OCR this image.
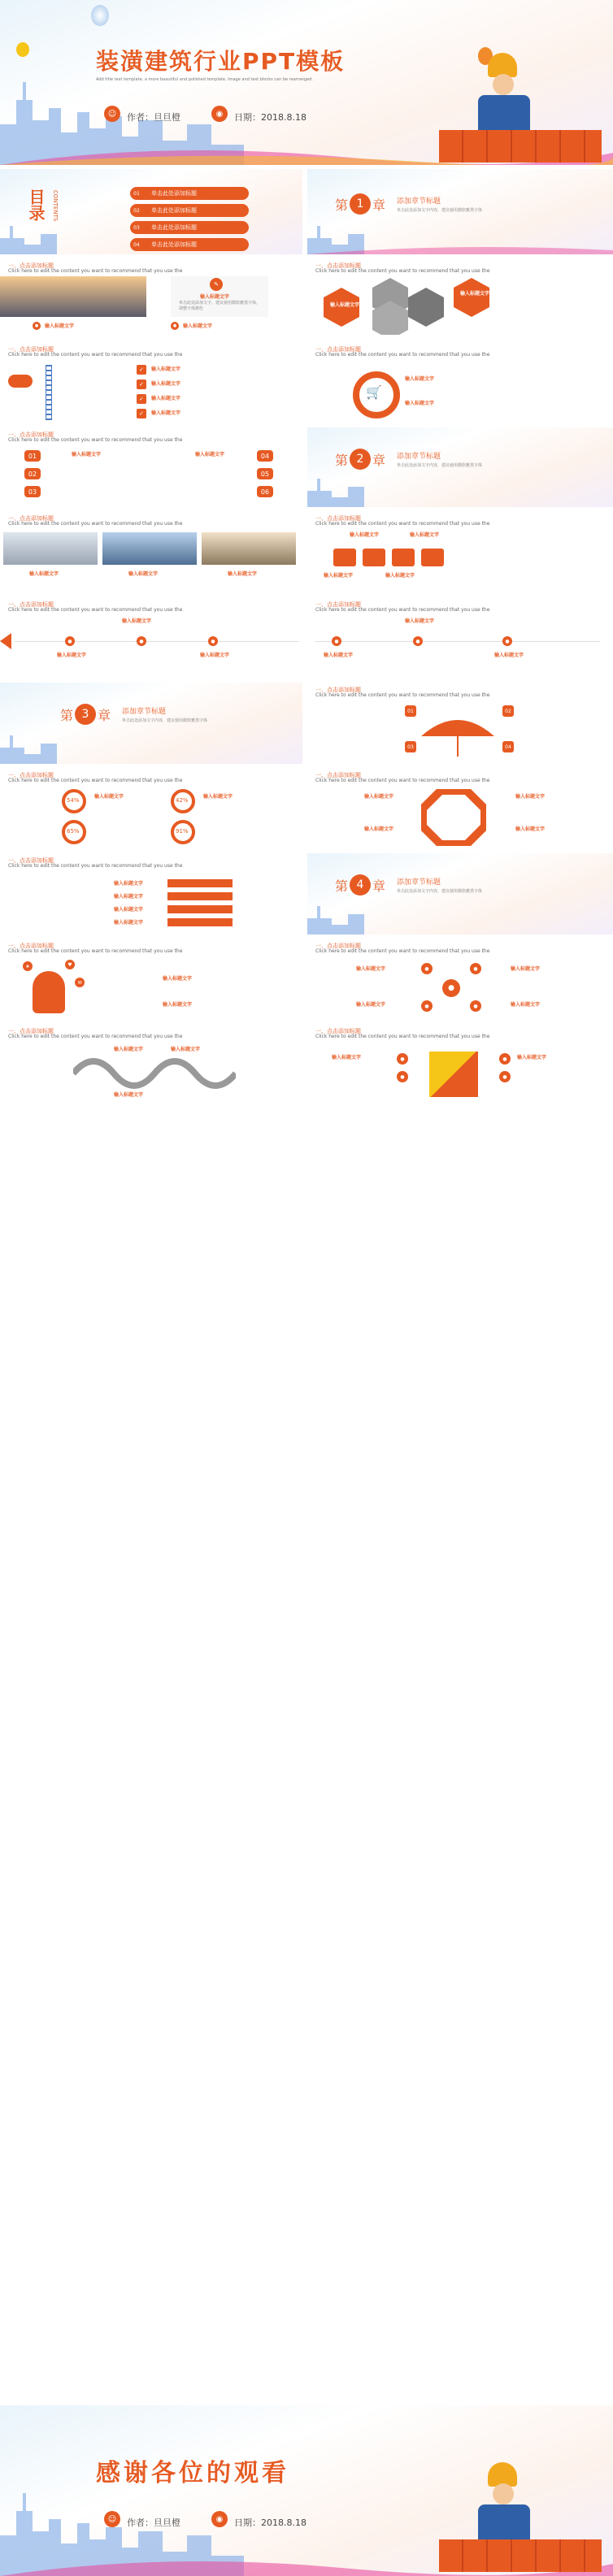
装潢建筑行业PPT模板
Add title text template, a more beautiful and polished template. Image and text blocks can be rearranged.
☺	作者：旦旦橙	◉	日期：2018.8.18
目录	CONTENTS	单击此处添加标题
01
单击此处添加标题
02
单击此处添加标题
03
单击此处添加标题
04
第 1 章 添加章节标题
单击此处添加文字内容，建议使用微软雅黑字体
一、点击添加标题
Click here to edit the content you want to recommend that you use the
✎
输入标题文字
单击此处添加文字，建议使用微软雅黑字体，调整字体颜色
●	输入标题文字	●	输入标题文字
一、点击添加标题
Click here to edit the content you want to recommend that you use the
输入标题文字
输入标题文字
一、点击添加标题
Click here to edit the content you want to recommend that you use the
✓	输入标题文字
✓	输入标题文字
✓	输入标题文字
✓	输入标题文字
一、点击添加标题
Click here to edit the content you want to recommend that you use the
🛒
输入标题文字
输入标题文字
一、点击添加标题
Click here to edit the content you want to recommend that you use the
01
02
03
04
05
06
输入标题文字	输入标题文字	第 2 章 添加章节标题
单击此处添加文字内容，建议使用微软雅黑字体
一、点击添加标题
Click here to edit the content you want to recommend that you use the
输入标题文字	输入标题文字	输入标题文字
一、点击添加标题
Click here to edit the content you want to recommend that you use the
输入标题文字	输入标题文字
输入标题文字	输入标题文字
一、点击添加标题
Click here to edit the content you want to recommend that you use the
●	●	●
输入标题文字
输入标题文字
输入标题文字
一、点击添加标题
Click here to edit the content you want to recommend that you use the
●	●	●
输入标题文字
输入标题文字
输入标题文字
第 3 章 添加章节标题
单击此处添加文字内容，建议使用微软雅黑字体
一、点击添加标题
Click here to edit the content you want to recommend that you use the
01	02
03	04
一、点击添加标题
Click here to edit the content you want to recommend that you use the
54%	42%
65%	91%
输入标题文字	输入标题文字
一、点击添加标题
Click here to edit the content you want to recommend that you use the
输入标题文字	输入标题文字
输入标题文字	输入标题文字
一、点击添加标题
Click here to edit the content you want to recommend that you use the
输入标题文字
输入标题文字
输入标题文字
输入标题文字
第 4 章 添加章节标题
单击此处添加文字内容，建议使用微软雅黑字体
一、点击添加标题
Click here to edit the content you want to recommend that you use the
★	♥
✉
输入标题文字
输入标题文字
一、点击添加标题
Click here to edit the content you want to recommend that you use the
●
●	●
●	●
输入标题文字	输入标题文字
输入标题文字	输入标题文字
一、点击添加标题
Click here to edit the content you want to recommend that you use the
输入标题文字	输入标题文字
输入标题文字
一、点击添加标题
Click here to edit the content you want to recommend that you use the
●
●
●
●
输入标题文字	输入标题文字
感谢各位的观看
☺	作者：旦旦橙	◉	日期：2018.8.18
